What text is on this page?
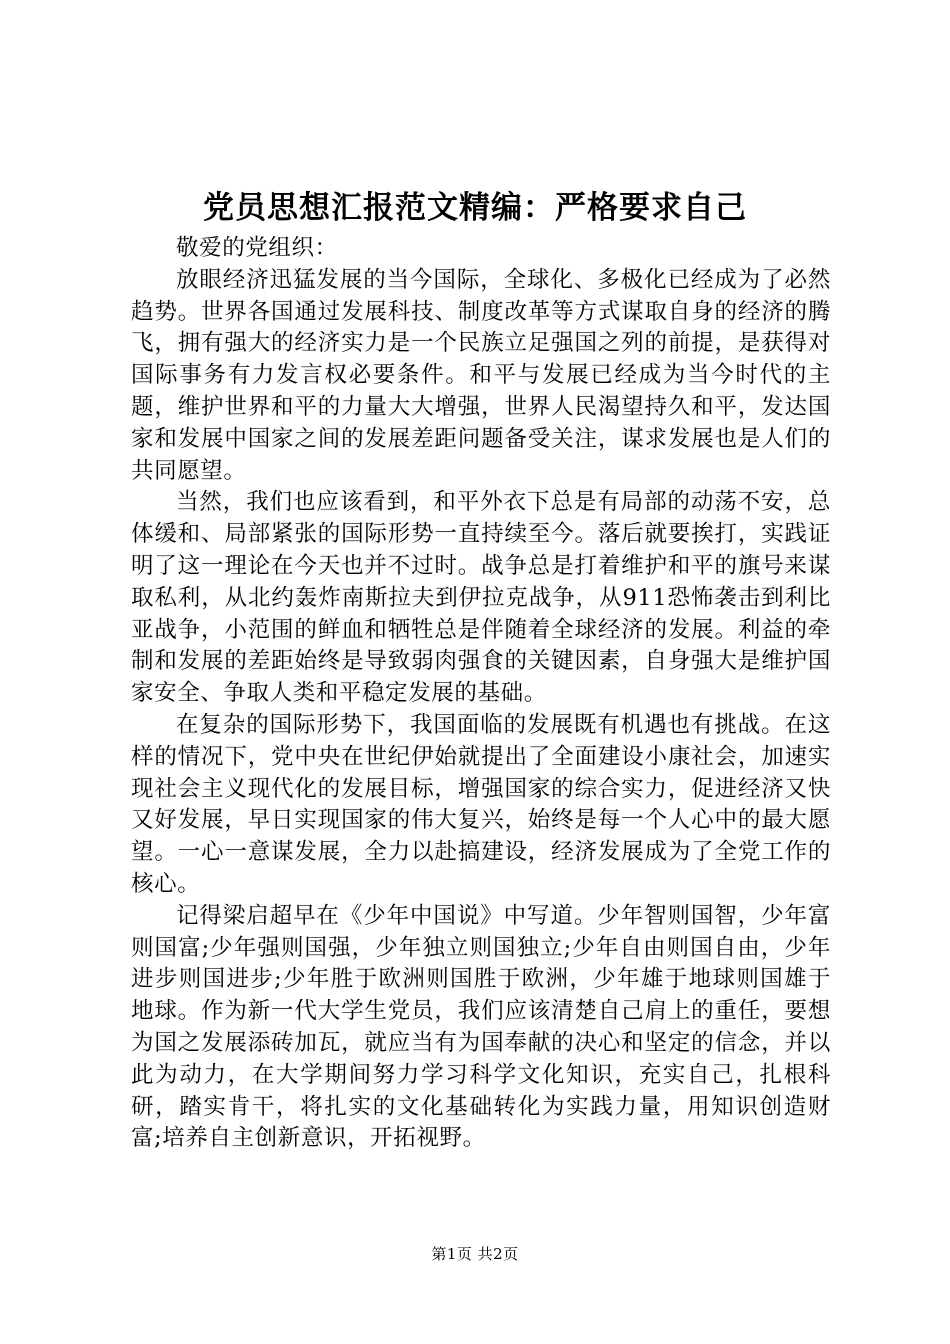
党员思想汇报范文精编：严格要求自己

敬爱的党组织：

放眼经济迅猛发展的当今国际，全球化、多极化已经成为了必然趋势。世界各国通过发展科技、制度改革等方式谋取自身的经济的腾飞，拥有强大的经济实力是一个民族立足强国之列的前提，是获得对国际事务有力发言权必要条件。和平与发展已经成为当今时代的主题，维护世界和平的力量大大增强，世界人民渴望持久和平，发达国家和发展中国家之间的发展差距问题备受关注，谋求发展也是人们的共同愿望。

当然，我们也应该看到，和平外衣下总是有局部的动荡不安，总体缓和、局部紧张的国际形势一直持续至今。落后就要挨打，实践证明了这一理论在今天也并不过时。战争总是打着维护和平的旗号来谋取私利，从北约轰炸南斯拉夫到伊拉克战争，从911恐怖袭击到利比亚战争，小范围的鲜血和牺牲总是伴随着全球经济的发展。利益的牵制和发展的差距始终是导致弱肉强食的关键因素，自身强大是维护国家安全、争取人类和平稳定发展的基础。

在复杂的国际形势下，我国面临的发展既有机遇也有挑战。在这样的情况下，党中央在世纪伊始就提出了全面建设小康社会，加速实现社会主义现代化的发展目标，增强国家的综合实力，促进经济又快又好发展，早日实现国家的伟大复兴，始终是每一个人心中的最大愿望。一心一意谋发展，全力以赴搞建设，经济发展成为了全党工作的核心。

记得梁启超早在《少年中国说》中写道。少年智则国智，少年富则国富;少年强则国强，少年独立则国独立;少年自由则国自由，少年进步则国进步;少年胜于欧洲则国胜于欧洲，少年雄于地球则国雄于地球。作为新一代大学生党员，我们应该清楚自己肩上的重任，要想为国之发展添砖加瓦，就应当有为国奉献的决心和坚定的信念，并以此为动力，在大学期间努力学习科学文化知识，充实自己，扎根科研，踏实肯干，将扎实的文化基础转化为实践力量，用知识创造财富;培养自主创新意识，开拓视野。

第1页 共2页
